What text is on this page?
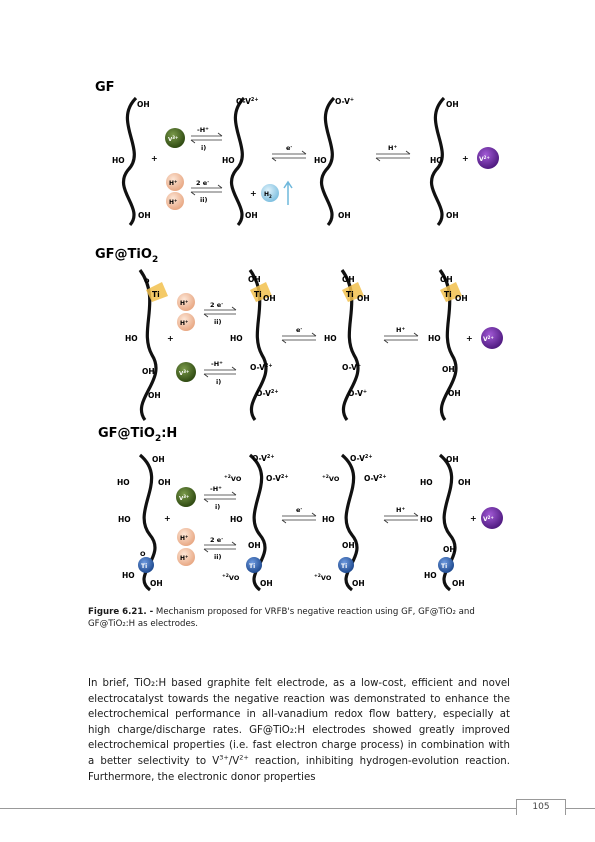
GF
GF@TiO$_2$
GF@TiO$_2$:H
OH
HO
OH
$O-V^{2+}$
HO
OH
O-V+
HO
OH
OH
HO
OH
+	+
$V^{3+}$
H+
H+
+ $H_2$
$V^{2+}$
-H+
i)
2 e-
ii)
e-	H+
Ti
O
Ti
OH
OH	Ti
OH
OH	Ti
OH
OH
HO
OH
OH
HO
$O-V^{2+}$
$O-V^{2+}$
HO
O-V+
O-V+
HO
OH
OH
+	+
H+
H+
$V^{3+}$
$V^{2+}$
2 e-
ii)
-H+
i)
e-	H+
Ti	Ti	Ti	Ti
OH
HO	OH
HO
O
HO
OH
$O-V^{2+}$
$^{+2}$VO	$O-V^{2+}$
HO
OH
$^{+2}$VO
OH
$O-V^{2+}$
$^{+2}$VO	$O-V^{2+}$
HO
OH
$^{+2}$VO
OH
OH
HO	OH
HO
OH
HO
OH
+	+
$V^{3+}$
H+
H+
$V^{2+}$
-H+
i)
2 e-
ii)
e-	H+
Figure 6.21. - Mechanism proposed for VRFB's negative reaction using GF, GF@TiO₂ and GF@TiO₂:H as electrodes.
In brief, TiO₂:H based graphite felt electrode, as a low-cost, efficient and novel electrocatalyst towards the negative reaction was demonstrated to enhance the electrochemical performance in all-vanadium redox flow battery, especially at high charge/discharge rates. GF@TiO₂:H electrodes showed greatly improved electrochemical properties (i.e. fast electron charge process) in combination with a better selectivity to $V^{3+}/V^{2+}$ reaction, inhibiting hydrogen-evolution reaction. Furthermore, the electronic donor properties
105
